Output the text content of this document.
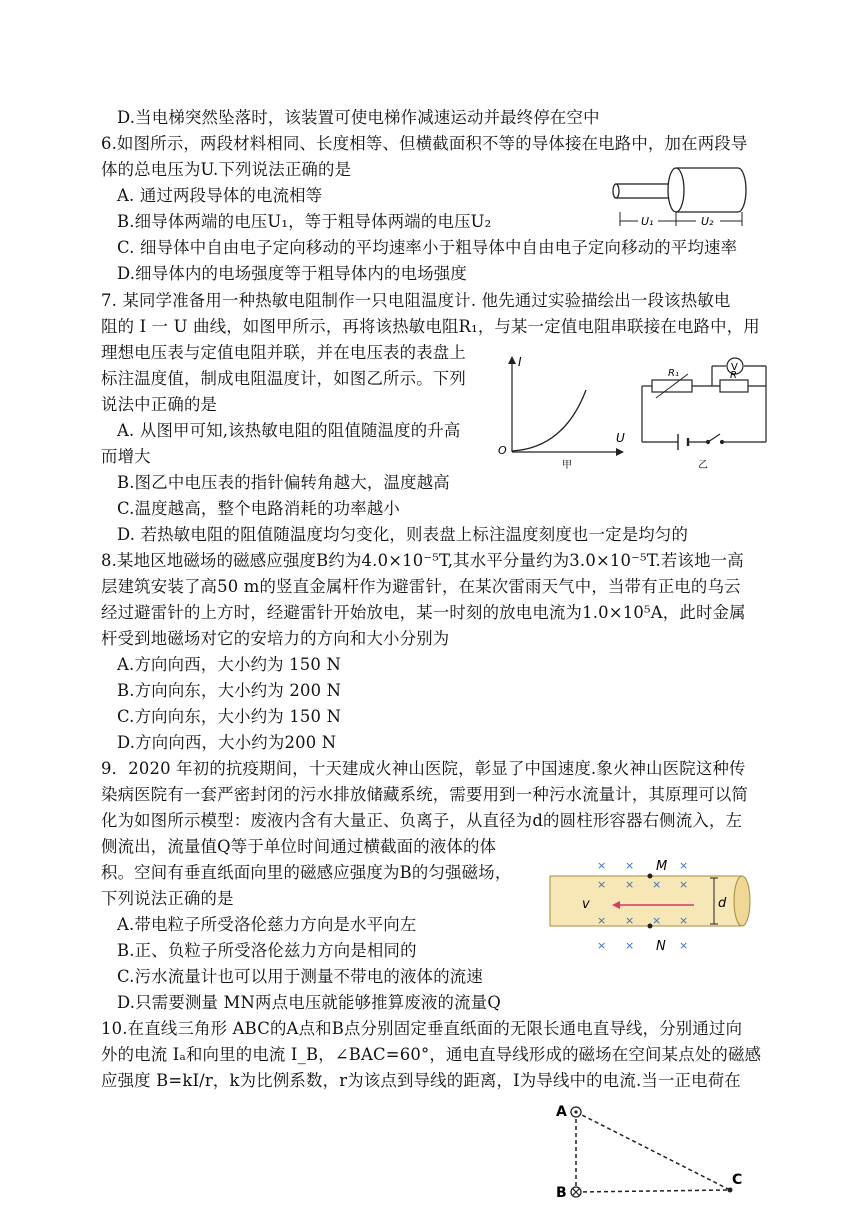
D.当电梯突然坠落时，该装置可使电梯作减速运动并最终停在空中
6.如图所示，两段材料相同、长度相等、但横截面积不等的导体接在电路中，加在两段导
体的总电压为U.下列说法正确的是
A. 通过两段导体的电流相等
B.细导体两端的电压U₁，等于粗导体两端的电压U₂
C. 细导体中自由电子定向移动的平均速率小于粗导体中自由电子定向移动的平均速率
D.细导体内的电场强度等于粗导体内的电场强度
7. 某同学准备用一种热敏电阻制作一只电阻温度计. 他先通过实验描绘出一段该热敏电
阻的 I 一 U 曲线，如图甲所示，再将该热敏电阻R₁，与某一定值电阻串联接在电路中，用
理想电压表与定值电阻并联，并在电压表的表盘上
标注温度值，制成电阻温度计，如图乙所示。下列
说法中正确的是
A. 从图甲可知,该热敏电阻的阻值随温度的升高
而增大
B.图乙中电压表的指针偏转角越大，温度越高
C.温度越高，整个电路消耗的功率越小
D. 若热敏电阻的阻值随温度均匀变化，则表盘上标注温度刻度也一定是均匀的
8.某地区地磁场的磁感应强度B约为4.0×10⁻⁵T,其水平分量约为3.0×10⁻⁵T.若该地一高
层建筑安装了高50 m的竖直金属杆作为避雷针，在某次雷雨天气中，当带有正电的乌云
经过避雷针的上方时，经避雷针开始放电，某一时刻的放电电流为1.0×10⁵A，此时金属
杆受到地磁场对它的安培力的方向和大小分别为
A.方向向西，大小约为 150 N
B.方向向东，大小约为 200 N
C.方向向东，大小约为 150 N
D.方向向西，大小约为200 N
9．2020 年初的抗疫期间，十天建成火神山医院，彰显了中国速度.象火神山医院这种传
染病医院有一套严密封闭的污水排放储藏系统，需要用到一种污水流量计，其原理可以简
化为如图所示模型：废液内含有大量正、负离子，从直径为d的圆柱形容器右侧流入，左
侧流出，流量值Q等于单位时间通过横截面的液体的体
积。空间有垂直纸面向里的磁感应强度为B的匀强磁场，
下列说法正确的是
A.带电粒子所受洛伦慈力方向是水平向左
B.正、负粒子所受洛伦兹力方向是相同的
C.污水流量计也可以用于测量不带电的液体的流速
D.只需要测量 MN两点电压就能够推算废液的流量Q
10.在直线三角形 ABC的A点和B点分别固定垂直纸面的无限长通电直导线，分别通过向
外的电流 Iₐ和向里的电流 I_B，∠BAC=60°，通电直导线形成的磁场在空间某点处的磁感
应强度 B=kI/r，k为比例系数，r为该点到导线的距离，I为导线中的电流.当一正电荷在
U₁	U₂
I
U
O
甲
V
R₁	R
乙
× ×	×
× × × ×
× × × ×
× ×	×
M
N
v	d
A
B
C
